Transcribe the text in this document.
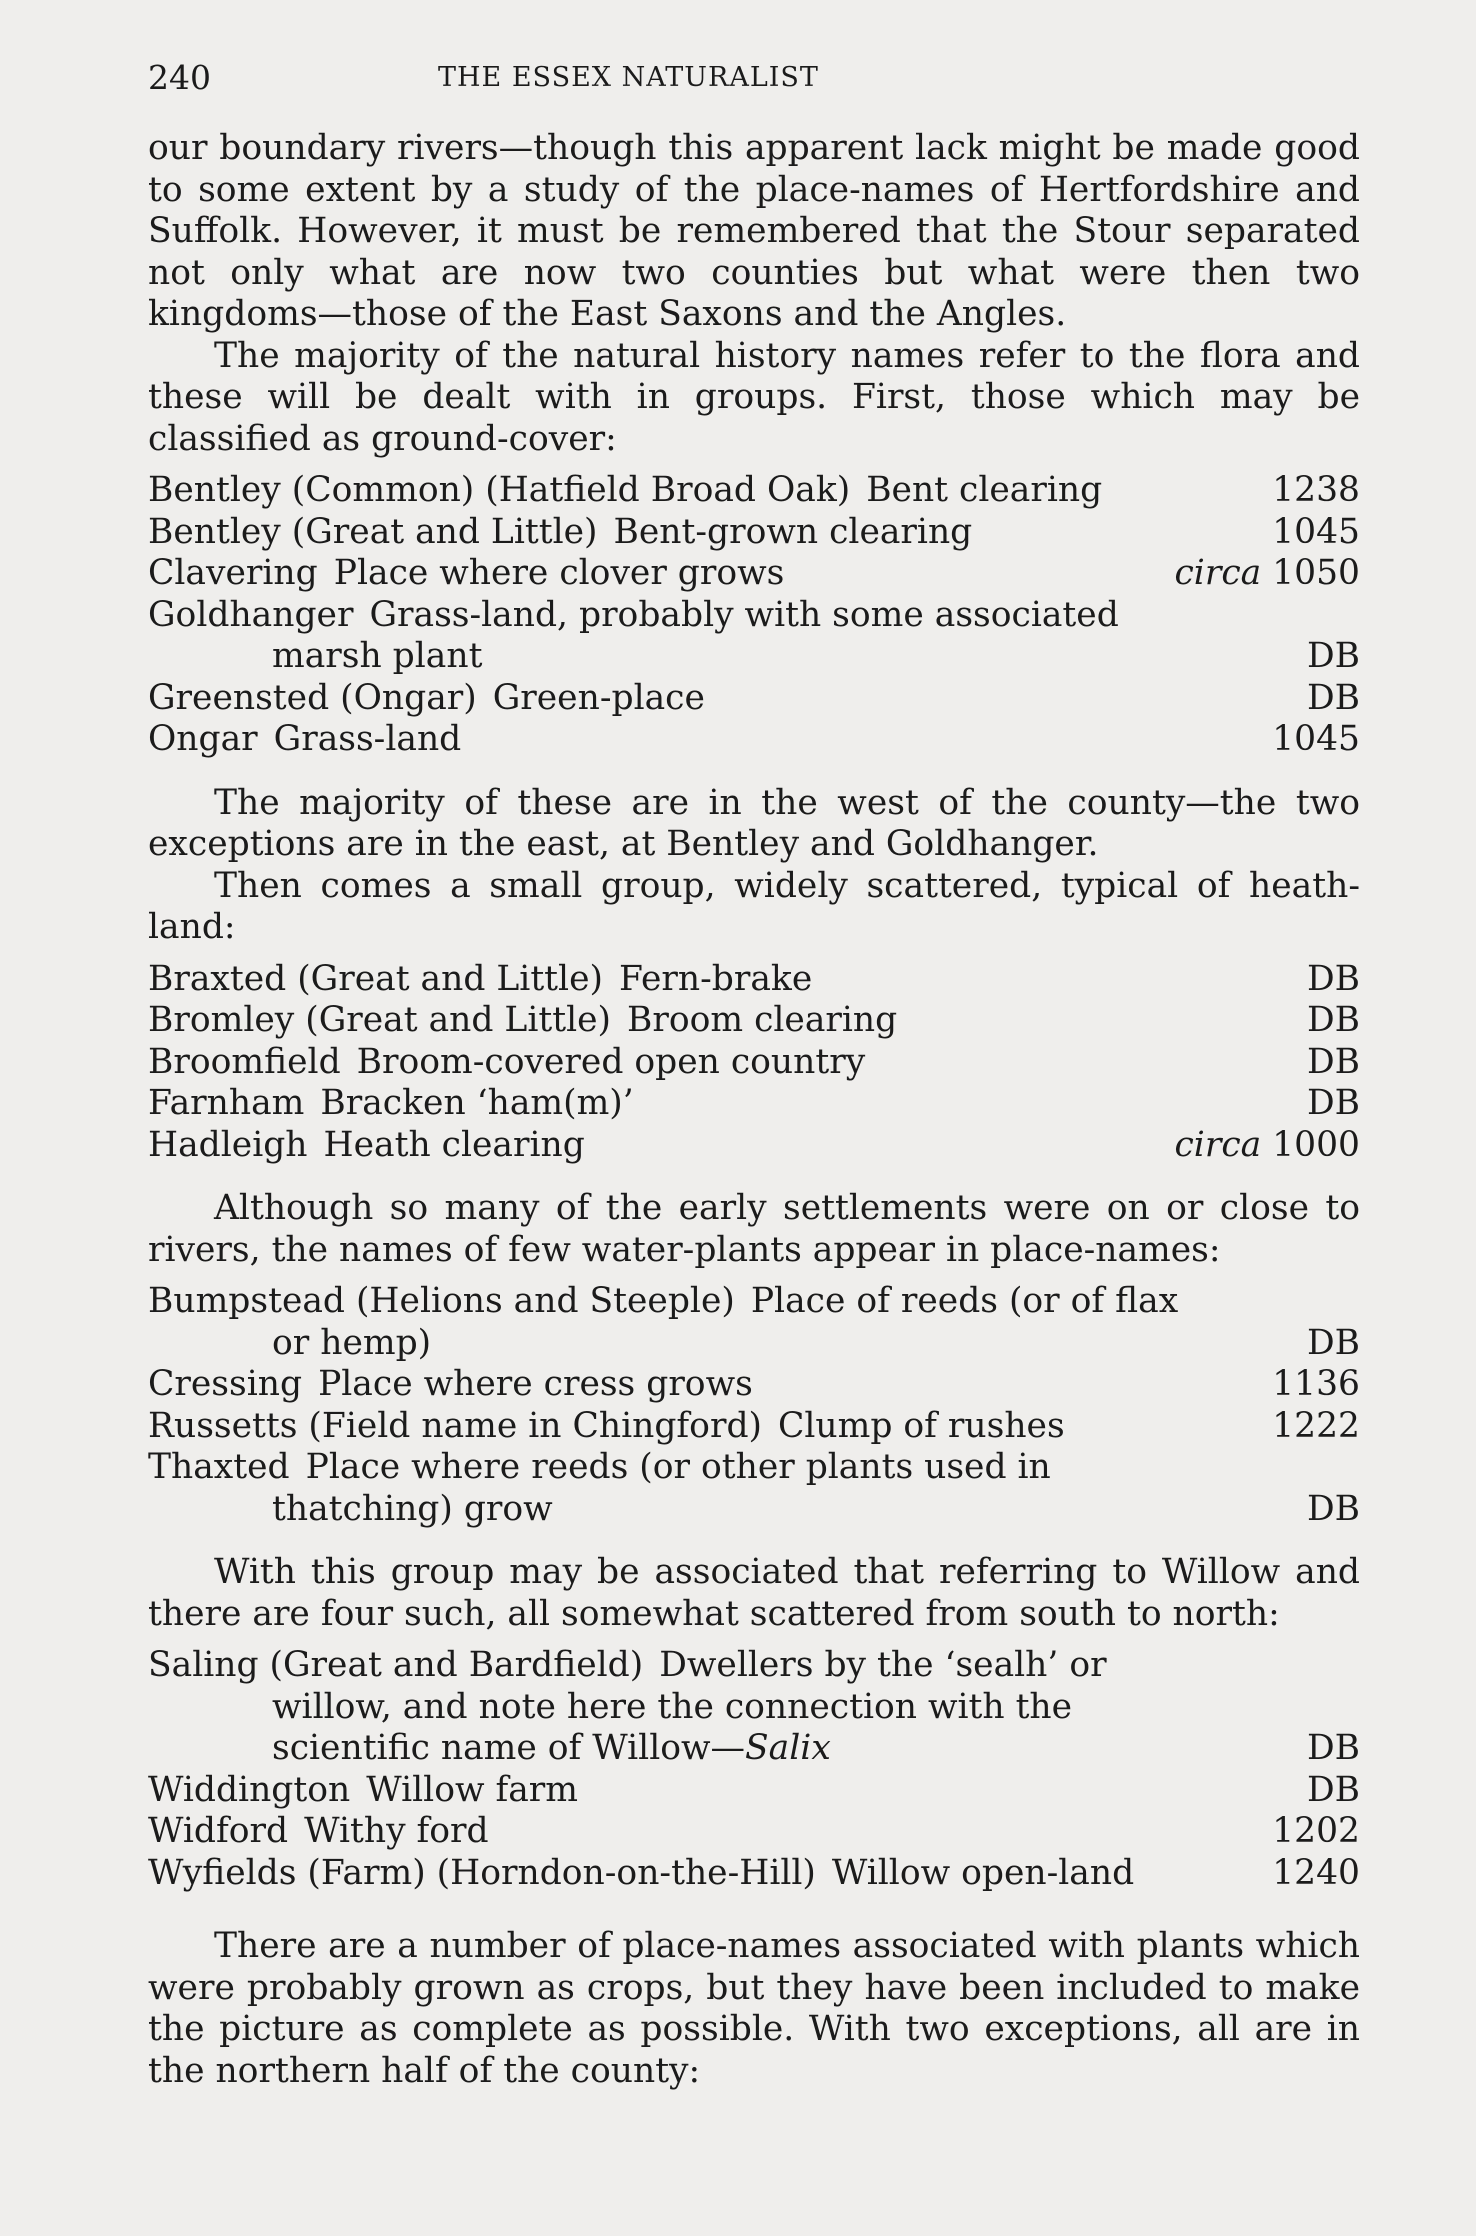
240	THE ESSEX NATURALIST

our boundary rivers—though this apparent lack might be made good to some extent by a study of the place-names of Hertfordshire and Suffolk. However, it must be remembered that the Stour separated not only what are now two counties but what were then two kingdoms—those of the East Saxons and the Angles.

The majority of the natural history names refer to the flora and these will be dealt with in groups. First, those which may be classified as ground-cover:

Bentley (Common) (Hatfield Broad Oak) Bent clearing	1238
Bentley (Great and Little) Bent-grown clearing	1045
Clavering Place where clover grows	circa 1050
Goldhanger Grass-land, probably with some associated marsh plant	DB
Greensted (Ongar) Green-place	DB
Ongar Grass-land	1045

The majority of these are in the west of the county—the two exceptions are in the east, at Bentley and Goldhanger.

Then comes a small group, widely scattered, typical of heath-land:

Braxted (Great and Little) Fern-brake	DB
Bromley (Great and Little) Broom clearing	DB
Broomfield Broom-covered open country	DB
Farnham Bracken ‘ham(m)’	DB
Hadleigh Heath clearing	circa 1000

Although so many of the early settlements were on or close to rivers, the names of few water-plants appear in place-names:

Bumpstead (Helions and Steeple) Place of reeds (or of flax or hemp)	DB
Cressing Place where cress grows	1136
Russetts (Field name in Chingford) Clump of rushes	1222
Thaxted Place where reeds (or other plants used in thatching) grow	DB

With this group may be associated that referring to Willow and there are four such, all somewhat scattered from south to north:

Saling (Great and Bardfield) Dwellers by the ‘sealh’ or willow, and note here the connection with the scientific name of Willow—Salix	DB
Widdington Willow farm	DB
Widford Withy ford	1202
Wyfields (Farm) (Horndon-on-the-Hill) Willow open-land	1240

There are a number of place-names associated with plants which were probably grown as crops, but they have been included to make the picture as complete as possible. With two exceptions, all are in the northern half of the county:
